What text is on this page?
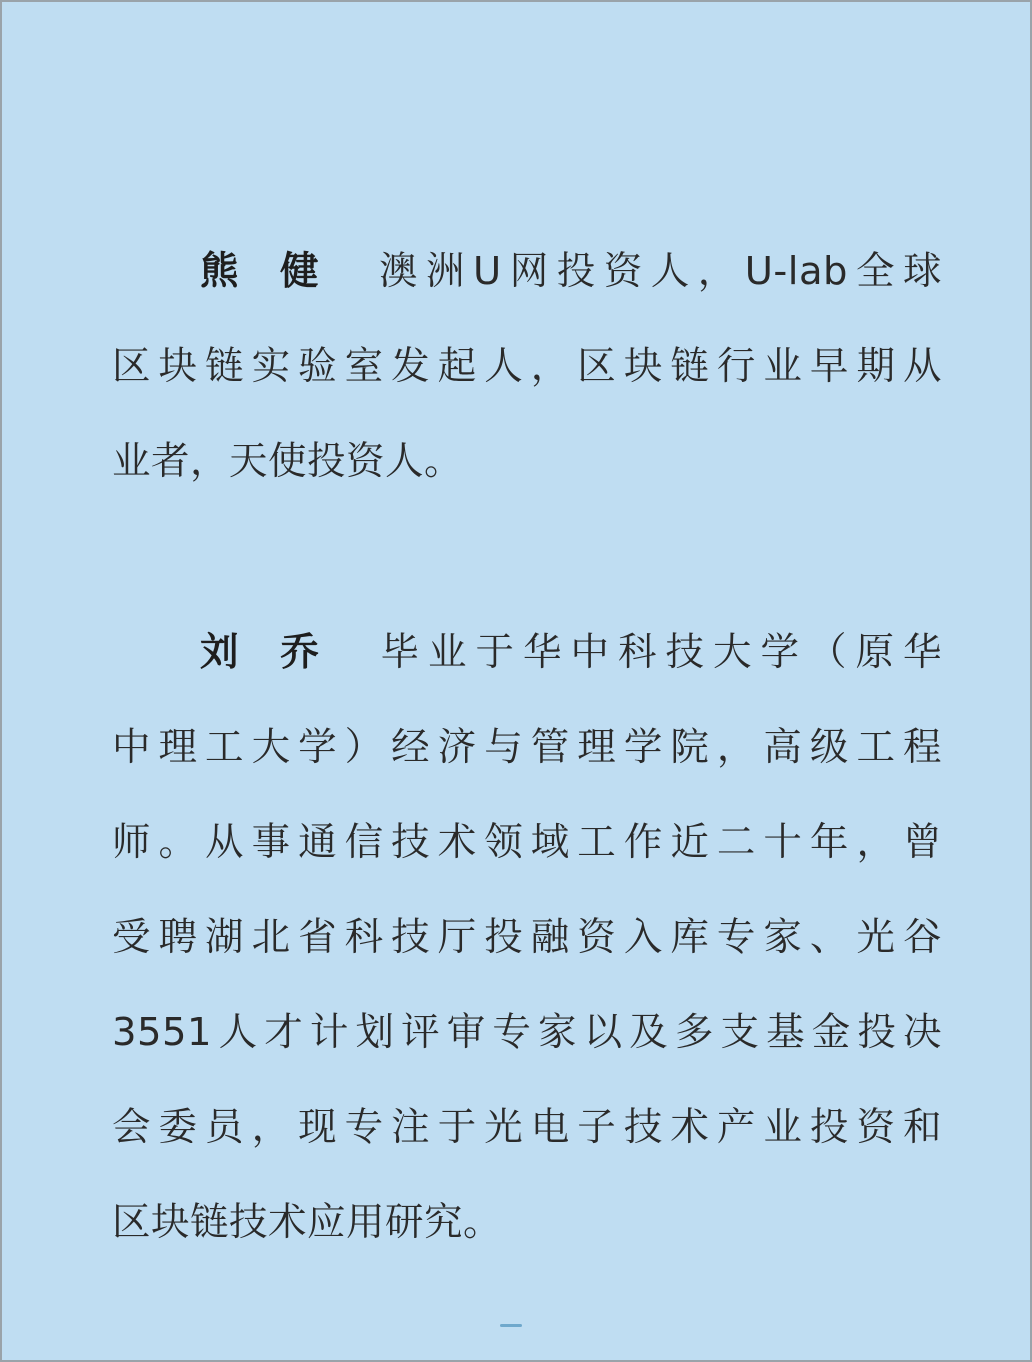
熊 健 澳洲U网投资人，U-lab全球
区块链实验室发起人，区块链行业早期从
业者，天使投资人。
刘 乔 毕业于华中科技大学（原华
中理工大学）经济与管理学院，高级工程
师。从事通信技术领域工作近二十年，曾
受聘湖北省科技厅投融资入库专家、光谷
3551人才计划评审专家以及多支基金投决
会委员，现专注于光电子技术产业投资和
区块链技术应用研究。
